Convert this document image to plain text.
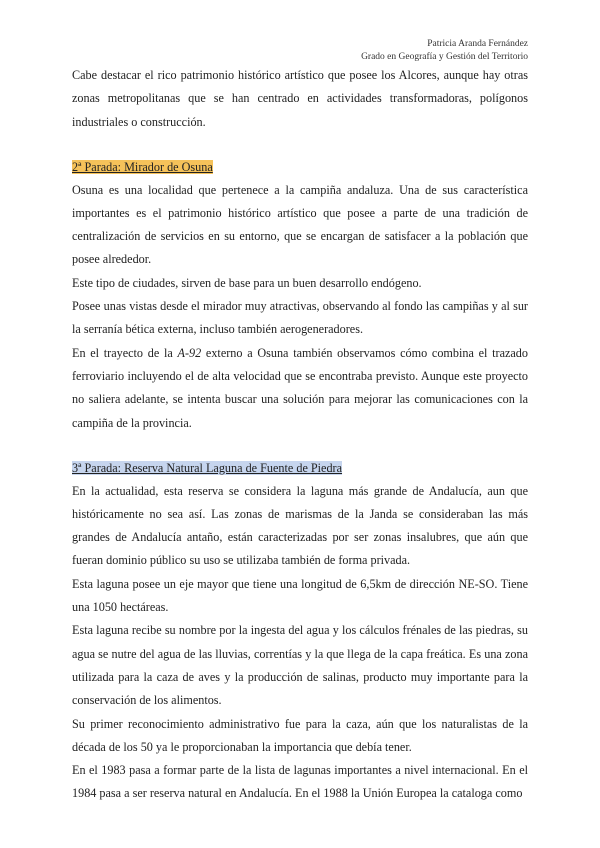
Patricia Aranda Fernández
Grado en Geografía y Gestión del Territorio

Cabe destacar el rico patrimonio histórico artístico que posee los Alcores, aunque hay otras zonas metropolitanas que se han centrado en actividades transformadoras, polígonos industriales o construcción.

2ª Parada: Mirador de Osuna

Osuna es una localidad que pertenece a la campiña andaluza. Una de sus característica importantes es el patrimonio histórico artístico que posee a parte de una tradición de centralización de servicios en su entorno, que se encargan de satisfacer a la población que posee alrededor.

Este tipo de ciudades, sirven de base para un buen desarrollo endógeno.

Posee unas vistas desde el mirador muy atractivas, observando al fondo las campiñas y al sur la serranía bética externa, incluso también aerogeneradores.

En el trayecto de la A-92 externo a Osuna también observamos cómo combina el trazado ferroviario incluyendo el de alta velocidad que se encontraba previsto. Aunque este proyecto no saliera adelante, se intenta buscar una solución para mejorar las comunicaciones con la campiña de la provincia.

3ª Parada: Reserva Natural Laguna de Fuente de Piedra

En la actualidad, esta reserva se considera la laguna más grande de Andalucía, aun que históricamente no sea así. Las zonas de marismas de la Janda se consideraban las más grandes de Andalucía antaño, están caracterizadas por ser zonas insalubres, que aún que fueran dominio público su uso se utilizaba también de forma privada.

Esta laguna posee un eje mayor que tiene una longitud de 6,5km de dirección NE-SO. Tiene una 1050 hectáreas.

Esta laguna recibe su nombre por la ingesta del agua y los cálculos frénales de las piedras, su agua se nutre del agua de las lluvias, correntías y la que llega de la capa freática. Es una zona utilizada para la caza de aves y la producción de salinas, producto muy importante para la conservación de los alimentos.

Su primer reconocimiento administrativo fue para la caza, aún que los naturalistas de la década de los 50 ya le proporcionaban la importancia que debía tener.

En el 1983 pasa a formar parte de la lista de lagunas importantes a nivel internacional. En el 1984 pasa a ser reserva natural en Andalucía. En el 1988 la Unión Europea la cataloga como
